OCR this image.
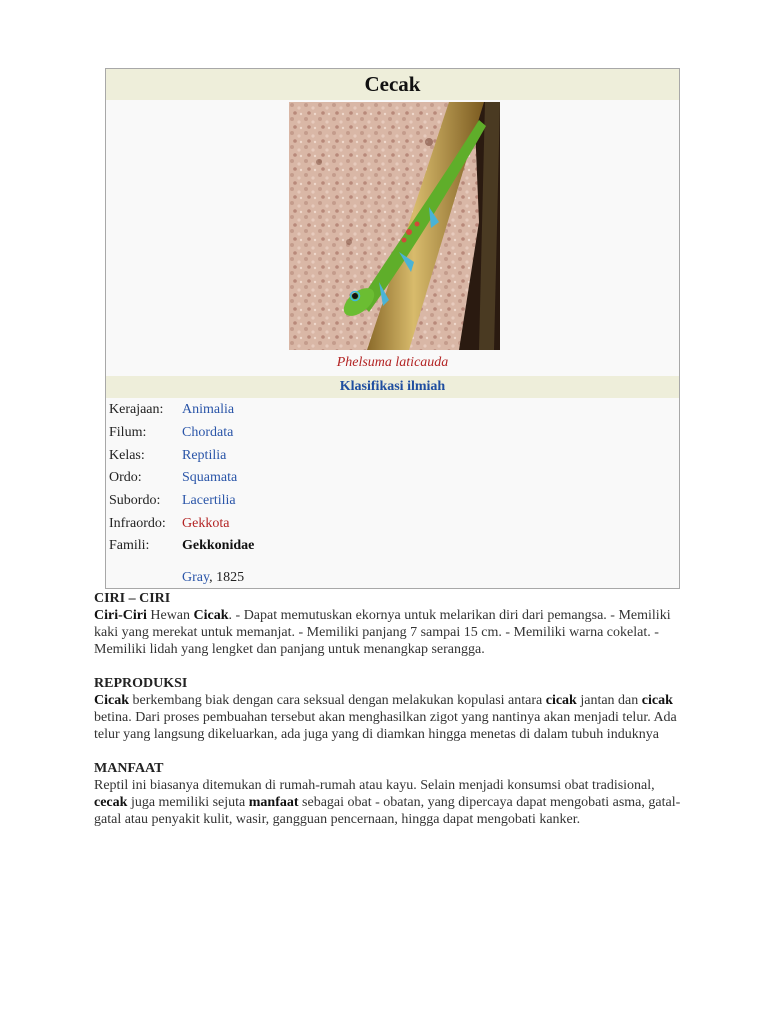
Cecak
Phelsuma laticauda
Klasifikasi ilmiah
Kerajaan:	Animalia
Filum:	Chordata
Kelas:	Reptilia
Ordo:	Squamata
Subordo:	Lacertilia
Infraordo:	Gekkota
Famili:	Gekkonidae
Gray, 1825

CIRI – CIRI

Ciri-Ciri Hewan Cicak. - Dapat memutuskan ekornya untuk melarikan diri dari pemangsa. - Memiliki kaki yang merekat untuk memanjat. - Memiliki panjang 7 sampai 15 cm. - Memiliki warna cokelat. - Memiliki lidah yang lengket dan panjang untuk menangkap serangga.

REPRODUKSI

Cicak berkembang biak dengan cara seksual dengan melakukan kopulasi antara cicak jantan dan cicak betina. Dari proses pembuahan tersebut akan menghasilkan zigot yang nantinya akan menjadi telur. Ada telur yang langsung dikeluarkan, ada juga yang di diamkan hingga menetas di dalam tubuh induknya

MANFAAT

Reptil ini biasanya ditemukan di rumah-rumah atau kayu. Selain menjadi konsumsi obat tradisional, cecak juga memiliki sejuta manfaat sebagai obat - obatan, yang dipercaya dapat mengobati asma, gatal-gatal atau penyakit kulit, wasir, gangguan pencernaan, hingga dapat mengobati kanker.
